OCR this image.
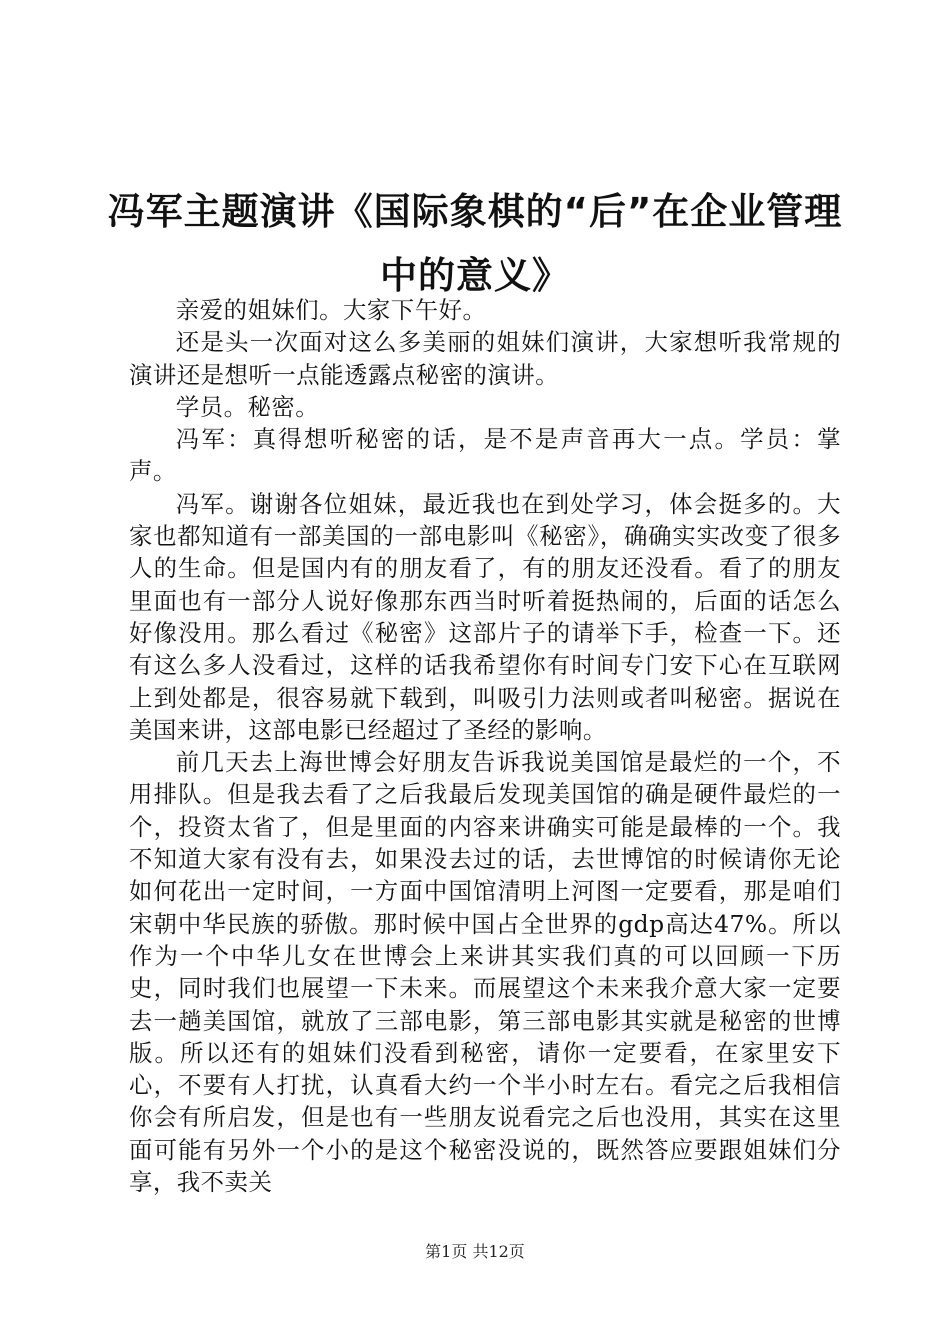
冯军主题演讲《国际象棋的“后”在企业管理
中的意义》

亲爱的姐妹们。大家下午好。

还是头一次面对这么多美丽的姐妹们演讲，大家想听我常规的演讲还是想听一点能透露点秘密的演讲。

学员。秘密。

冯军：真得想听秘密的话，是不是声音再大一点。学员：掌声。

冯军。谢谢各位姐妹，最近我也在到处学习，体会挺多的。大家也都知道有一部美国的一部电影叫《秘密》，确确实实改变了很多人的生命。但是国内有的朋友看了，有的朋友还没看。看了的朋友里面也有一部分人说好像那东西当时听着挺热闹的，后面的话怎么好像没用。那么看过《秘密》这部片子的请举下手，检查一下。还有这么多人没看过，这样的话我希望你有时间专门安下心在互联网上到处都是，很容易就下载到，叫吸引力法则或者叫秘密。据说在美国来讲，这部电影已经超过了圣经的影响。

前几天去上海世博会好朋友告诉我说美国馆是最烂的一个，不用排队。但是我去看了之后我最后发现美国馆的确是硬件最烂的一个，投资太省了，但是里面的内容来讲确实可能是最棒的一个。我不知道大家有没有去，如果没去过的话，去世博馆的时候请你无论如何花出一定时间，一方面中国馆清明上河图一定要看，那是咱们宋朝中华民族的骄傲。那时候中国占全世界的gdp高达47%。所以作为一个中华儿女在世博会上来讲其实我们真的可以回顾一下历史，同时我们也展望一下未来。而展望这个未来我介意大家一定要去一趟美国馆，就放了三部电影，第三部电影其实就是秘密的世博版。所以还有的姐妹们没看到秘密，请你一定要看，在家里安下心，不要有人打扰，认真看大约一个半小时左右。看完之后我相信你会有所启发，但是也有一些朋友说看完之后也没用，其实在这里面可能有另外一个小的是这个秘密没说的，既然答应要跟姐妹们分享，我不卖关

第1页 共12页
